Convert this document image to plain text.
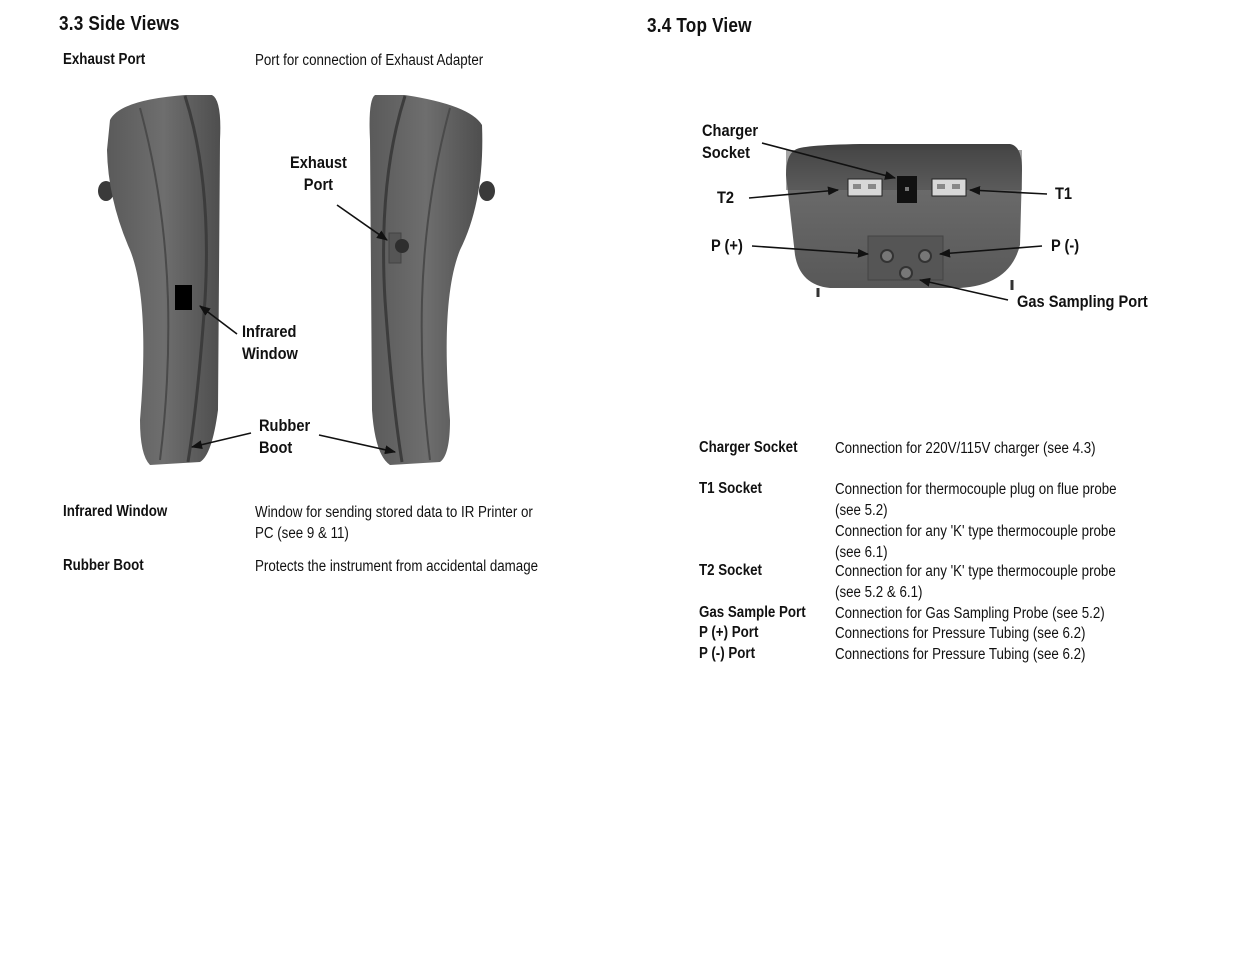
3.3 Side Views
Exhaust Port	Port for connection of Exhaust Adapter
Exhaust
Port
Infrared
Window
Rubber
Boot
Infrared Window	Window for sending stored data to IR Printer or
PC (see 9 & 11)
Rubber Boot	Protects the instrument from accidental damage
3.4 Top View
Charger
Socket
T2	T1
P (+)	P (-)
Gas Sampling Port
Charger Socket Connection for 220V/115V charger (see 4.3)
T1 Socket	Connection for thermocouple plug on flue probe
(see 5.2)
Connection for any 'K' type thermocouple probe
(see 6.1)
T2 Socket	Connection for any 'K' type thermocouple probe
(see 5.2 & 6.1)
Gas Sample Port Connection for Gas Sampling Probe (see 5.2)
P (+) Port	Connections for Pressure Tubing (see 6.2)
P (-) Port	Connections for Pressure Tubing (see 6.2)
